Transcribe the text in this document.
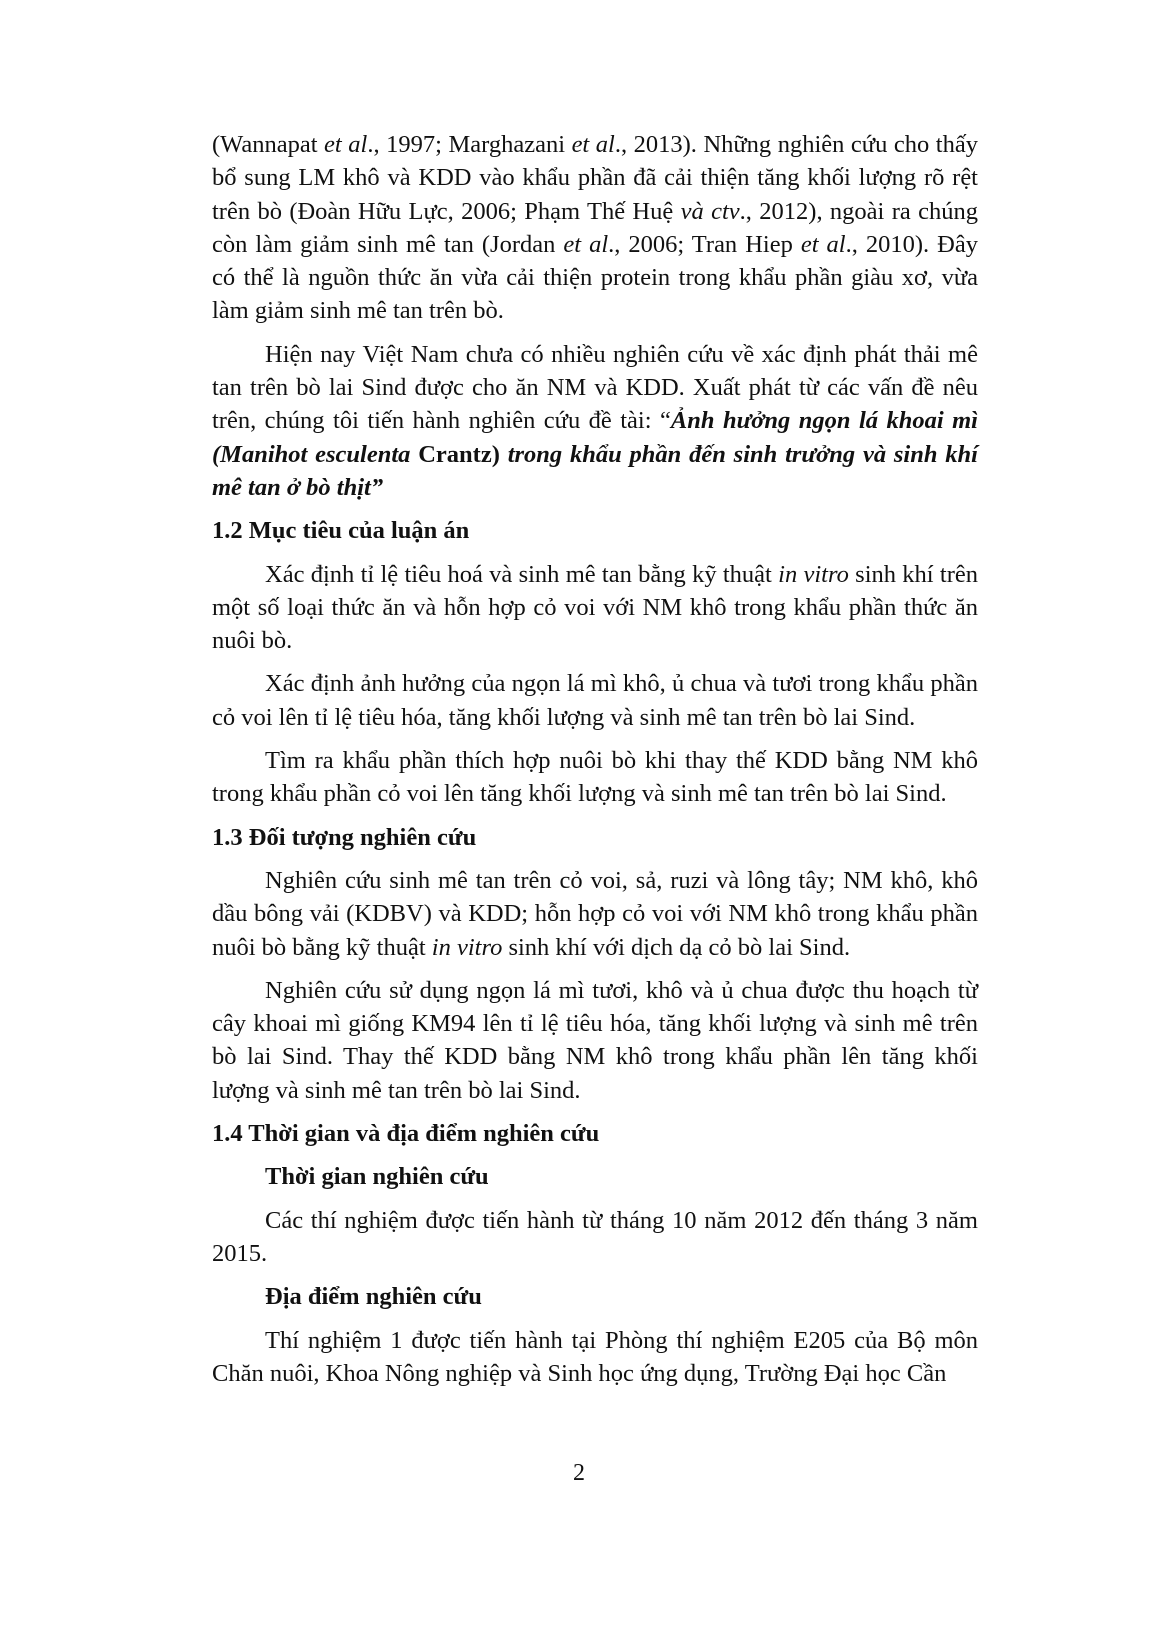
(Wannapat et al., 1997; Marghazani et al., 2013). Những nghiên cứu cho thấy bổ sung LM khô và KDD vào khẩu phần đã cải thiện tăng khối lượng rõ rệt trên bò (Đoàn Hữu Lực, 2006; Phạm Thế Huệ và ctv., 2012), ngoài ra chúng còn làm giảm sinh mê tan (Jordan et al., 2006; Tran Hiep et al., 2010). Đây có thể là nguồn thức ăn vừa cải thiện protein trong khẩu phần giàu xơ, vừa làm giảm sinh mê tan trên bò.

Hiện nay Việt Nam chưa có nhiều nghiên cứu về xác định phát thải mê tan trên bò lai Sind được cho ăn NM và KDD. Xuất phát từ các vấn đề nêu trên, chúng tôi tiến hành nghiên cứu đề tài: “Ảnh hưởng ngọn lá khoai mì (Manihot esculenta Crantz) trong khẩu phần đến sinh trưởng và sinh khí mê tan ở bò thịt”

1.2 Mục tiêu của luận án

Xác định tỉ lệ tiêu hoá và sinh mê tan bằng kỹ thuật in vitro sinh khí trên một số loại thức ăn và hỗn hợp cỏ voi với NM khô trong khẩu phần thức ăn nuôi bò.

Xác định ảnh hưởng của ngọn lá mì khô, ủ chua và tươi trong khẩu phần cỏ voi lên tỉ lệ tiêu hóa, tăng khối lượng và sinh mê tan trên bò lai Sind.

Tìm ra khẩu phần thích hợp nuôi bò khi thay thế KDD bằng NM khô trong khẩu phần cỏ voi lên tăng khối lượng và sinh mê tan trên bò lai Sind.

1.3 Đối tượng nghiên cứu

Nghiên cứu sinh mê tan trên cỏ voi, sả, ruzi và lông tây; NM khô, khô dầu bông vải (KDBV) và KDD; hỗn hợp cỏ voi với NM khô trong khẩu phần nuôi bò bằng kỹ thuật in vitro sinh khí với dịch dạ cỏ bò lai Sind.

Nghiên cứu sử dụng ngọn lá mì tươi, khô và ủ chua được thu hoạch từ cây khoai mì giống KM94 lên tỉ lệ tiêu hóa, tăng khối lượng và sinh mê trên bò lai Sind. Thay thế KDD bằng NM khô trong khẩu phần lên tăng khối lượng và sinh mê tan trên bò lai Sind.

1.4 Thời gian và địa điểm nghiên cứu
Thời gian nghiên cứu

Các thí nghiệm được tiến hành từ tháng 10 năm 2012 đến tháng 3 năm 2015.

Địa điểm nghiên cứu

Thí nghiệm 1 được tiến hành tại Phòng thí nghiệm E205 của Bộ môn Chăn nuôi, Khoa Nông nghiệp và Sinh học ứng dụng, Trường Đại học Cần

2
